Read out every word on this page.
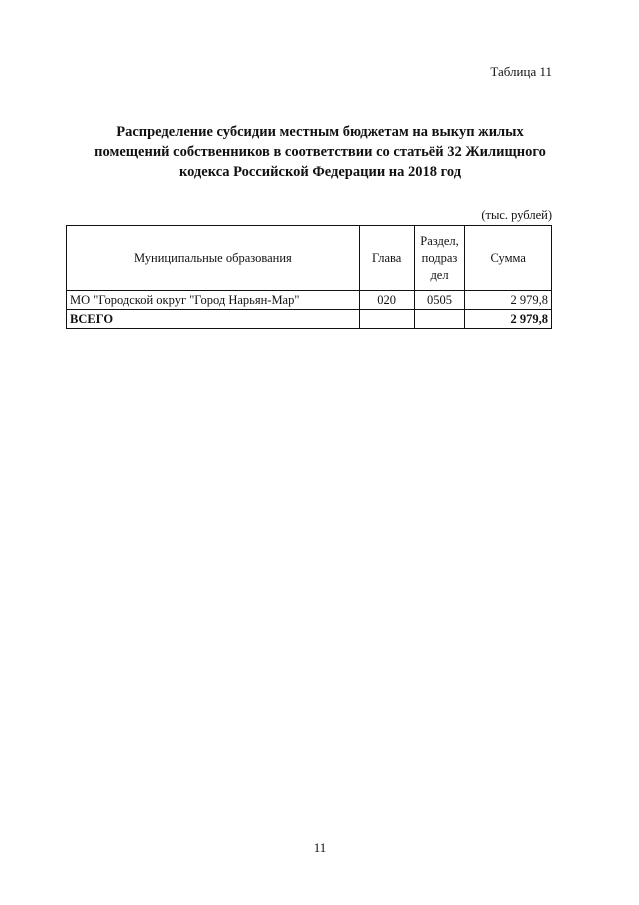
Таблица 11
Распределение субсидии местным бюджетам на выкуп жилых помещений собственников в соответствии со статьёй 32 Жилищного кодекса Российской Федерации на 2018 год
(тыс. рублей)
Муниципальные образования	Глава	Раздел, подраз дел	Сумма
МО "Городской округ "Город Нарьян-Мар"	020	0505	2 979,8
ВСЕГО			2 979,8
11
